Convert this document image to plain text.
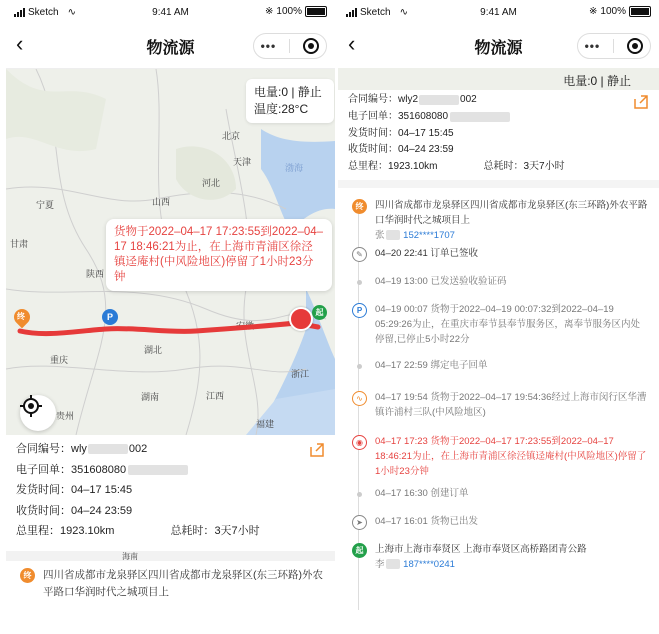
Sketch ∿	9:41 AM	※ 100%
‹	物流源	•••
北京
天津
河北
渤海
山西
宁夏
甘肃
陕西
安徽
重庆
湖北
浙江
湖南	江西
贵州
福建
终	P	起
电量:0 | 静止
温度:28°C
货物于2022–04–17 17:23:55到2022–04–17 18:46:21为止，在上海市青浦区徐泾镇迳庵村(中风险地区)停留了1小时23分钟
合同编号： wly	002
电子回单： 351608080
发货时间： 04–17 15:45
收货时间： 04–24 23:59
总里程： 1923.10km	总耗时： 3天7小时
海南
终	四川省成都市龙泉驿区四川省成都市龙泉驿区(东三环路)外农平路口华润时代之城项目上
Sketch ∿	9:41 AM	※ 100%
‹	物流源	•••
电量:0 | 静止
合同编号： wly2	002
电子回单： 351608080
发货时间： 04–17 15:45
收货时间： 04–24 23:59
总里程： 1923.10km	总耗时： 3天7小时
终	四川省成都市龙泉驿区四川省成都市龙泉驿区(东三环路)外农平路口华润时代之城项目上
张 152****1707
✎	04–20 22:41 订单已签收
04–19 13:00 已发送验收验证码
P	04–19 00:07 货物于2022–04–19 00:07:32到2022–04–19 05:29:26为止，在重庆市奉节县奉节服务区，离奉节服务区内处停留,已停止5小时22分
04–17 22:59 绑定电子回单
∿	04–17 19:54 货物于2022–04–17 19:54:36经过上海市闵行区华漕镇许浦村三队(中风险地区)
◉	04–17 17:23 货物于2022–04–17 17:23:55到2022–04–17 18:46:21为止，在上海市青浦区徐泾镇迳庵村(中风险地区)停留了1小时23分钟
04–17 16:30 创建订单
➤	04–17 16:01 货物已出发
起	上海市上海市奉贤区 上海市奉贤区高桥路团青公路
李 187****0241
